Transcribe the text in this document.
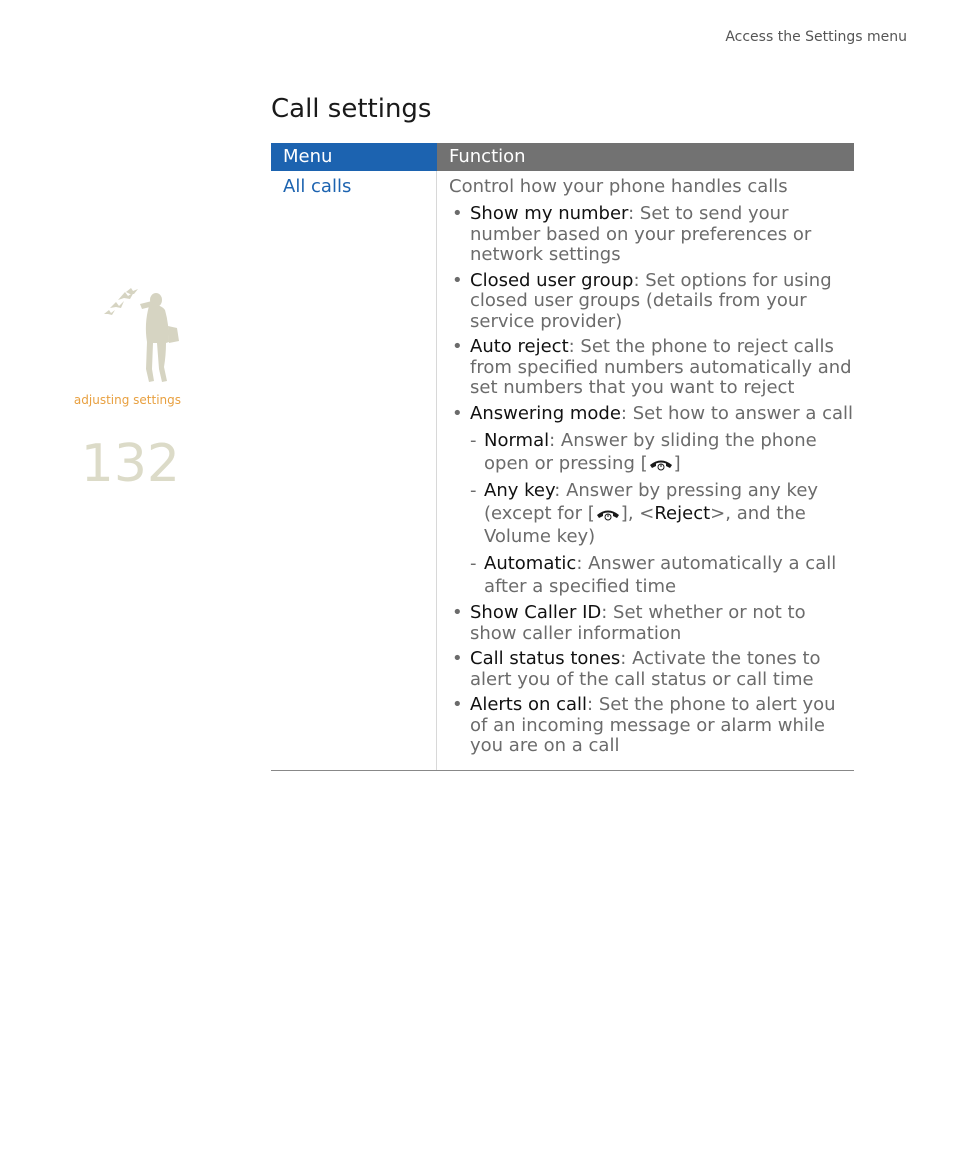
Access the Settings menu
Call settings
adjusting settings
132
Menu	Function
All calls	Control how your phone handles calls

• Show my number: Set to send your number based on your preferences or network settings
• Closed user group: Set options for using closed user groups (details from your service provider)
• Auto reject: Set the phone to reject calls from specified numbers automatically and set numbers that you want to reject
• Answering mode: Set how to answer a call
- Normal: Answer by sliding the phone open or pressing [ ]
- Any key: Answer by pressing any key (except for [ ], <Reject>, and the Volume key)
- Automatic: Answer automatically a call after a specified time
• Show Caller ID: Set whether or not to show caller information
• Call status tones: Activate the tones to alert you of the call status or call time
• Alerts on call: Set the phone to alert you of an incoming message or alarm while you are on a call
